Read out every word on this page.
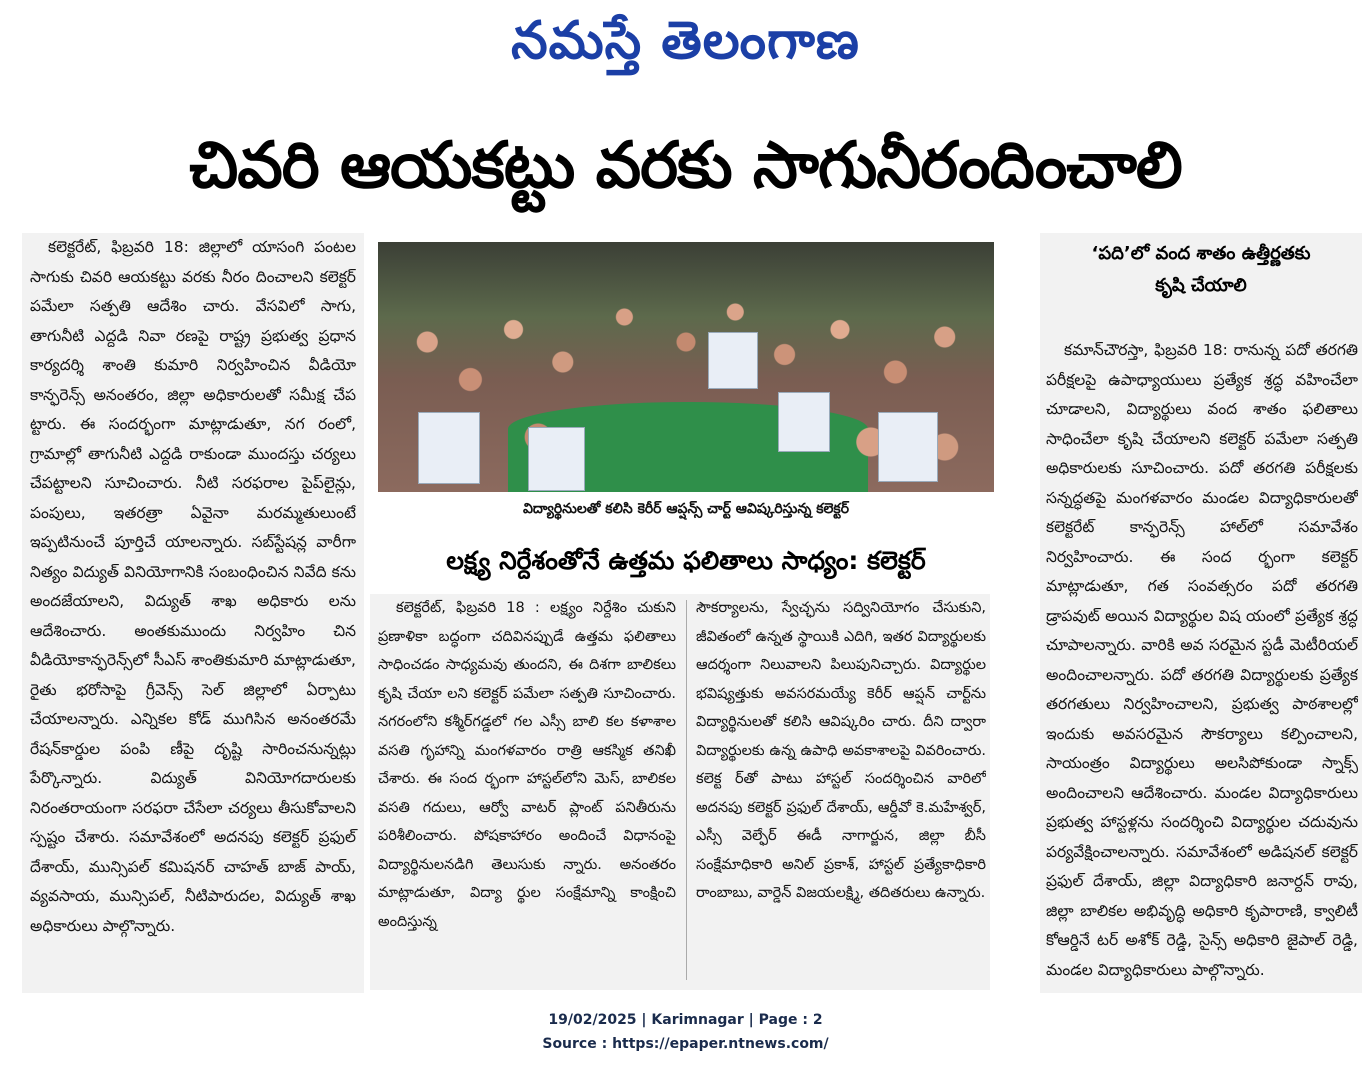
నమస్తే తెలంగాణ
చివరి ఆయకట్టు వరకు సాగునీరందించాలి

కలెక్టరేట్, ఫిబ్రవరి 18: జిల్లాలో యాసంగి పంటల సాగుకు చివరి ఆయకట్టు వరకు నీరం దించాలని కలెక్టర్ పమేలా సత్పతి ఆదేశిం చారు. వేసవిలో సాగు, తాగునీటి ఎద్దడి నివా రణపై రాష్ట్ర ప్రభుత్వ ప్రధాన కార్యదర్శి శాంతి కుమారి నిర్వహించిన వీడియో కాన్ఫరెన్స్ అనంతరం, జిల్లా అధికారులతో సమీక్ష చేప ట్టారు. ఈ సందర్భంగా మాట్లాడుతూ, నగ రంలో, గ్రామాల్లో తాగునీటి ఎద్దడి రాకుండా ముందస్తు చర్యలు చేపట్టాలని సూచించారు. నీటి సరఫరాల పైప్‌లైన్లు, పంపులు, ఇతరత్రా ఏవైనా మరమ్మతులుంటే ఇప్పటినుంచే పూర్తిచే యాలన్నారు. సబ్‌స్టేషన్ల వారీగా నిత్యం విద్యుత్ వినియోగానికి సంబంధించిన నివేది కను అందజేయాలని, విద్యుత్ శాఖ అధికారు లను ఆదేశించారు. అంతకుముందు నిర్వహిం చిన వీడియోకాన్ఫరెన్స్‌లో సీఎస్ శాంతికుమారి మాట్లాడుతూ, రైతు భరోసాపై గ్రీవెన్స్ సెల్ జిల్లాలో ఏర్పాటు చేయాలన్నారు. ఎన్నికల కోడ్ ముగిసిన అనంతరమే రేషన్‌కార్డుల పంపి ణీపై దృష్టి సారించనున్నట్లు పేర్కొన్నారు. విద్యుత్ వినియోగదారులకు నిరంతరాయంగా సరఫరా చేసేలా చర్యలు తీసుకోవాలని స్పష్టం చేశారు. సమావేశంలో అదనపు కలెక్టర్ ప్రఫుల్ దేశాయ్, మున్సిపల్ కమిషనర్ చాహత్ బాజ్ పాయ్, వ్యవసాయ, మున్సిపల్, నీటిపారుదల, విద్యుత్ శాఖ అధికారులు పాల్గొన్నారు.

విద్యార్థినులతో కలిసి కెరీర్ ఆప్షన్స్ చార్ట్ ఆవిష్కరిస్తున్న కలెక్టర్
లక్ష్య నిర్దేశంతోనే ఉత్తమ ఫలితాలు సాధ్యం: కలెక్టర్

కలెక్టరేట్, ఫిబ్రవరి 18 : లక్ష్యం నిర్దేశిం చుకుని ప్రణాళికా బద్ధంగా చదివినప్పుడే ఉత్తమ ఫలితాలు సాధించడం సాధ్యమవు తుందని, ఈ దిశగా బాలికలు కృషి చేయా లని కలెక్టర్ పమేలా సత్పతి సూచించారు. నగరంలోని కశ్మీర్‌గడ్డలో గల ఎస్సీ బాలి కల కళాశాల వసతి గృహాన్ని మంగళవారం రాత్రి ఆకస్మిక తనిఖీ చేశారు. ఈ సంద ర్భంగా హాస్టల్‌లోని మెస్, బాలికల వసతి గదులు, ఆర్వో వాటర్ ప్లాంట్ పనితీరును పరిశీలించారు. పోషకాహారం అందించే విధానంపై విద్యార్థినులనడిగి తెలుసుకు న్నారు. అనంతరం మాట్లాడుతూ, విద్యా ర్థుల సంక్షేమాన్ని కాంక్షించి అందిస్తున్న

సౌకర్యాలను, స్వేచ్ఛను సద్వినియోగం చేసుకుని, జీవితంలో ఉన్నత స్థాయికి ఎదిగి, ఇతర విద్యార్థులకు ఆదర్శంగా నిలువాలని పిలుపునిచ్చారు. విద్యార్థుల భవిష్యత్తుకు అవసరమయ్యే కెరీర్ ఆప్షన్ చార్ట్‌ను విద్యార్థినులతో కలిసి ఆవిష్కరిం చారు. దీని ద్వారా విద్యార్థులకు ఉన్న ఉపాధి అవకాశాలపై వివరించారు. కలెక్ట ర్‌తో పాటు హాస్టల్ సందర్శించిన వారిలో అదనపు కలెక్టర్ ప్రఫుల్ దేశాయ్, ఆర్డీవో కె.మహేశ్వర్, ఎస్సీ వెల్ఫేర్ ఈడీ నాగార్జున, జిల్లా బీసీ సంక్షేమాధికారి అనిల్ ప్రకాశ్, హాస్టల్ ప్రత్యేకాధికారి రాంబాబు, వార్డెన్ విజయలక్ష్మి, తదితరులు ఉన్నారు.

‘పది’లో వంద శాతం ఉత్తీర్ణతకు
కృషి చేయాలి

కమాన్‌చౌరస్తా, ఫిబ్రవరి 18: రానున్న పదో తరగతి పరీక్షలపై ఉపాధ్యాయులు ప్రత్యేక శ్రద్ధ వహించేలా చూడాలని, విద్యార్థులు వంద శాతం ఫలితాలు సాధించేలా కృషి చేయాలని కలెక్టర్ పమేలా సత్పతి అధికారులకు సూచించారు. పదో తరగతి పరీక్షలకు సన్నద్ధతపై మంగళవారం మండల విద్యాధికారులతో కలెక్టరేట్ కాన్ఫరెన్స్ హాల్‌లో సమావేశం నిర్వహించారు. ఈ సంద ర్భంగా కలెక్టర్ మాట్లాడుతూ, గత సంవత్సరం పదో తరగతి డ్రాపవుట్ అయిన విద్యార్థుల విష యంలో ప్రత్యేక శ్రద్ధ చూపాలన్నారు. వారికి అవ సరమైన స్టడీ మెటీరియల్ అందించాలన్నారు. పదో తరగతి విద్యార్థులకు ప్రత్యేక తరగతులు నిర్వహించాలని, ప్రభుత్వ పాఠశాలల్లో ఇందుకు అవసరమైన సౌకర్యాలు కల్పించాలని, సాయంత్రం విద్యార్థులు అలసిపోకుండా స్నాక్స్ అందించాలని ఆదేశించారు. మండల విద్యాధికారులు ప్రభుత్వ హాస్టళ్లను సందర్శించి విద్యార్థుల చదువును పర్యవేక్షించాలన్నారు. సమావేశంలో అడిషనల్ కలెక్టర్ ప్రఫుల్ దేశాయ్, జిల్లా విద్యాధికారి జనార్దన్ రావు, జిల్లా బాలికల అభివృద్ధి అధికారి కృపారాణి, క్వాలిటీ కోఆర్డినే టర్ అశోక్ రెడ్డి, సైన్స్ అధికారి జైపాల్ రెడ్డి, మండల విద్యాధికారులు పాల్గొన్నారు.

19/02/2025 | Karimnagar | Page : 2
Source : https://epaper.ntnews.com/
